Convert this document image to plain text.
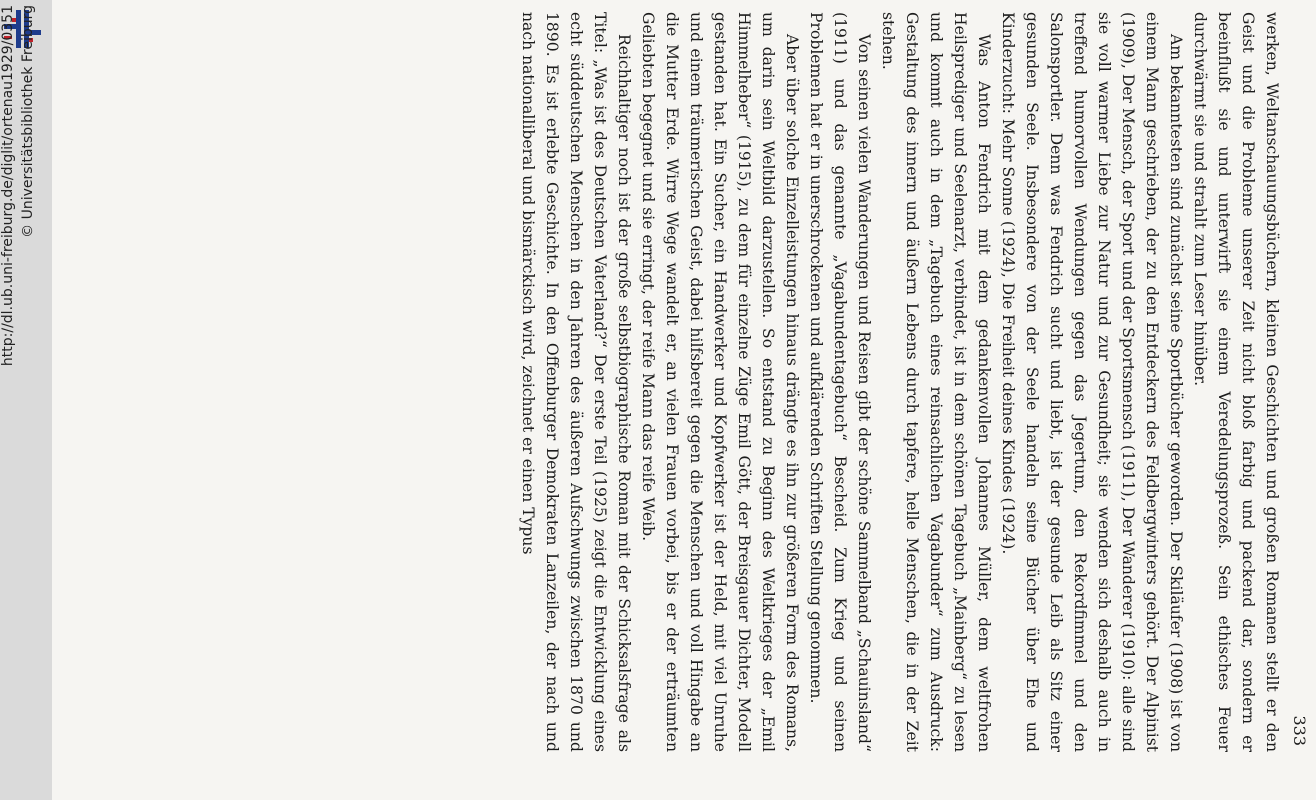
http://dl.ub.uni-freiburg.de/diglit/ortenau1929/0351 © Universitätsbibliothek Freiburg
333

werken, Weltanschauungsbüchern, kleinen Geschichten und großen Romanen stellt er den Geist und die Probleme unserer Zeit nicht bloß farbig und packend dar, sondern er beeinflußt sie und unterwirft sie einem Veredelungsprozeß. Sein ethisches Feuer durchwärmt sie und strahlt zum Leser hinüber.

Am bekanntesten sind zunächst seine Sportbücher geworden. Der Skiläufer (1908) ist von einem Mann geschrieben, der zu den Entdeckern des Feldbergwinters gehört. Der Alpinist (1909), Der Mensch, der Sport und der Sportsmensch (1911), Der Wanderer (1910): alle sind sie voll warmer Liebe zur Natur und zur Gesundheit; sie wenden sich deshalb auch in treffend humorvollen Wendungen gegen das Jegertum, den Rekordfimmel und den Salonsportler. Denn was Fendrich sucht und liebt, ist der gesunde Leib als Sitz einer gesunden Seele. Insbesondere von der Seele handeln seine Bücher über Ehe und Kinderzucht: Mehr Sonne (1924), Die Freiheit deines Kindes (1924).

Was Anton Fendrich mit dem gedankenvollen Johannes Müller, dem weltfrohen Heilsprediger und Seelenarzt, verbindet, ist in dem schönen Tagebuch „Mainberg“ zu lesen und kommt auch in dem „Tagebuch eines reinsachlichen Vagabunder“ zum Ausdruck: Gestaltung des innern und äußern Lebens durch tapfere, helle Menschen, die in der Zeit stehen.

Von seinen vielen Wanderungen und Reisen gibt der schöne Sammelband „Schauinsland“ (1911) und das genannte „Vagabundentagebuch“ Bescheid. Zum Krieg und seinen Problemen hat er in unerschrockenen und aufklärenden Schriften Stellung genommen.

Aber über solche Einzelleistungen hinaus drängte es ihn zur größeren Form des Romans, um darin sein Weltbild darzustellen. So entstand zu Beginn des Weltkrieges der „Emil Himmelheber“ (1915), zu dem für einzelne Züge Emil Gött, der Breisgauer Dichter, Modell gestanden hat. Ein Sucher, ein Handwerker und Kopfwerker ist der Held, mit viel Unruhe und einem träumerischen Geist, dabei hilfsbereit gegen die Menschen und voll Hingabe an die Mutter Erde. Wirre Wege wandelt er, an vielen Frauen vorbei, bis er der erträumten Geliebten begegnet und sie erringt, der reife Mann das reife Weib.

Reichhaltiger noch ist der große selbstbiographische Roman mit der Schicksalsfrage als Titel: „Was ist des Deutschen Vaterland?“ Der erste Teil (1925) zeigt die Entwicklung eines echt süddeutschen Menschen in den Jahren des äußeren Aufschwungs zwischen 1870 und 1890. Es ist erlebte Geschichte. In den Offenburger Demokraten Lanzeilen, der nach und nach nationalliberal und bismärckisch wird, zeichnet er einen Typus
